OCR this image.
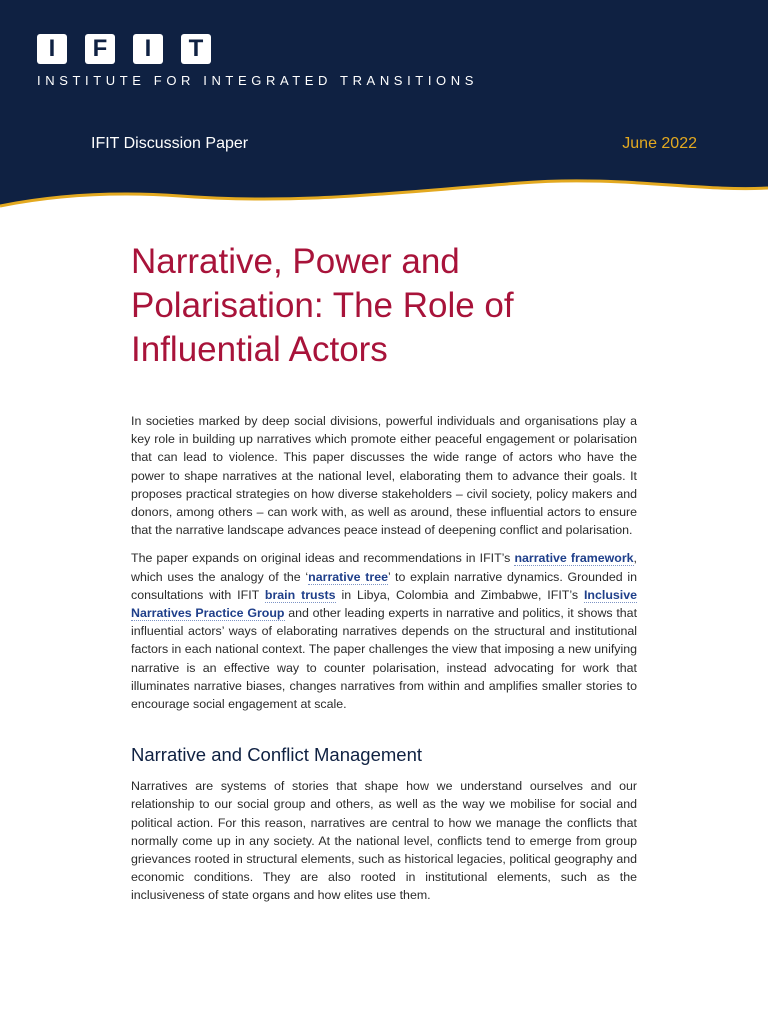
I	F	I	T
INSTITUTE FOR INTEGRATED TRANSITIONS
IFIT Discussion Paper	June 2022
Narrative, Power and Polarisation: The Role of Influential Actors

In societies marked by deep social divisions, powerful individuals and organisations play a key role in building up narratives which promote either peaceful engagement or polarisation that can lead to violence. This paper discusses the wide range of actors who have the power to shape narratives at the national level, elaborating them to advance their goals. It proposes practical strategies on how diverse stakeholders – civil society, policy makers and donors, among others – can work with, as well as around, these influential actors to ensure that the narrative landscape advances peace instead of deepening conflict and polarisation.

The paper expands on original ideas and recommendations in IFIT’s narrative framework, which uses the analogy of the ‘narrative tree’ to explain narrative dynamics. Grounded in consultations with IFIT brain trusts in Libya, Colombia and Zimbabwe, IFIT’s Inclusive Narratives Practice Group and other leading experts in narrative and politics, it shows that influential actors’ ways of elaborating narratives depends on the structural and institutional factors in each national context. The paper challenges the view that imposing a new unifying narrative is an effective way to counter polarisation, instead advocating for work that illuminates narrative biases, changes narratives from within and amplifies smaller stories to encourage social engagement at scale.

Narrative and Conflict Management

Narratives are systems of stories that shape how we understand ourselves and our relationship to our social group and others, as well as the way we mobilise for social and political action. For this reason, narratives are central to how we manage the conflicts that normally come up in any society. At the national level, conflicts tend to emerge from group grievances rooted in structural elements, such as historical legacies, political geography and economic conditions. They are also rooted in institutional elements, such as the inclusiveness of state organs and how elites use them.
